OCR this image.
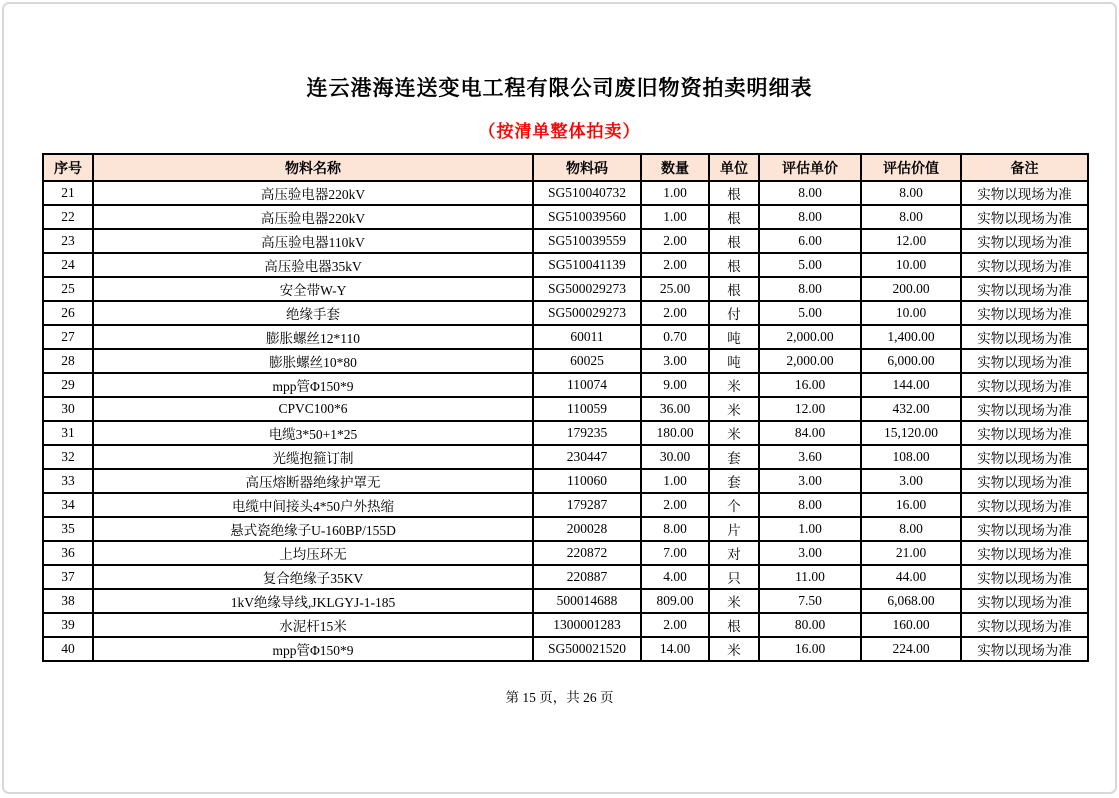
连云港海连送变电工程有限公司废旧物资拍卖明细表
（按清单整体拍卖）
序号	物料名称	物料码	数量	单位	评估单价	评估价值	备注
21	高压验电器220kV	SG510040732	1.00	根	8.00	8.00	实物以现场为准
22	高压验电器220kV	SG510039560	1.00	根	8.00	8.00	实物以现场为准
23	高压验电器110kV	SG510039559	2.00	根	6.00	12.00	实物以现场为准
24	高压验电器35kV	SG510041139	2.00	根	5.00	10.00	实物以现场为准
25	安全带W-Y	SG500029273	25.00	根	8.00	200.00	实物以现场为准
26	绝缘手套	SG500029273	2.00	付	5.00	10.00	实物以现场为准
27	膨胀螺丝12*110	60011	0.70	吨	2,000.00	1,400.00	实物以现场为准
28	膨胀螺丝10*80	60025	3.00	吨	2,000.00	6,000.00	实物以现场为准
29	mpp管Φ150*9	110074	9.00	米	16.00	144.00	实物以现场为准
30	CPVC100*6	110059	36.00	米	12.00	432.00	实物以现场为准
31	电缆3*50+1*25	179235	180.00	米	84.00	15,120.00	实物以现场为准
32	光缆抱箍订制	230447	30.00	套	3.60	108.00	实物以现场为准
33	高压熔断器绝缘护罩无	110060	1.00	套	3.00	3.00	实物以现场为准
34	电缆中间接头4*50户外热缩	179287	2.00	个	8.00	16.00	实物以现场为准
35	悬式瓷绝缘子U-160BP/155D	200028	8.00	片	1.00	8.00	实物以现场为准
36	上均压环无	220872	7.00	对	3.00	21.00	实物以现场为准
37	复合绝缘子35KV	220887	4.00	只	11.00	44.00	实物以现场为准
38	1kV绝缘导线,JKLGYJ-1-185	500014688	809.00	米	7.50	6,068.00	实物以现场为准
39	水泥杆15米	1300001283	2.00	根	80.00	160.00	实物以现场为准
40	mpp管Φ150*9	SG500021520	14.00	米	16.00	224.00	实物以现场为准
第 15 页，共 26 页
